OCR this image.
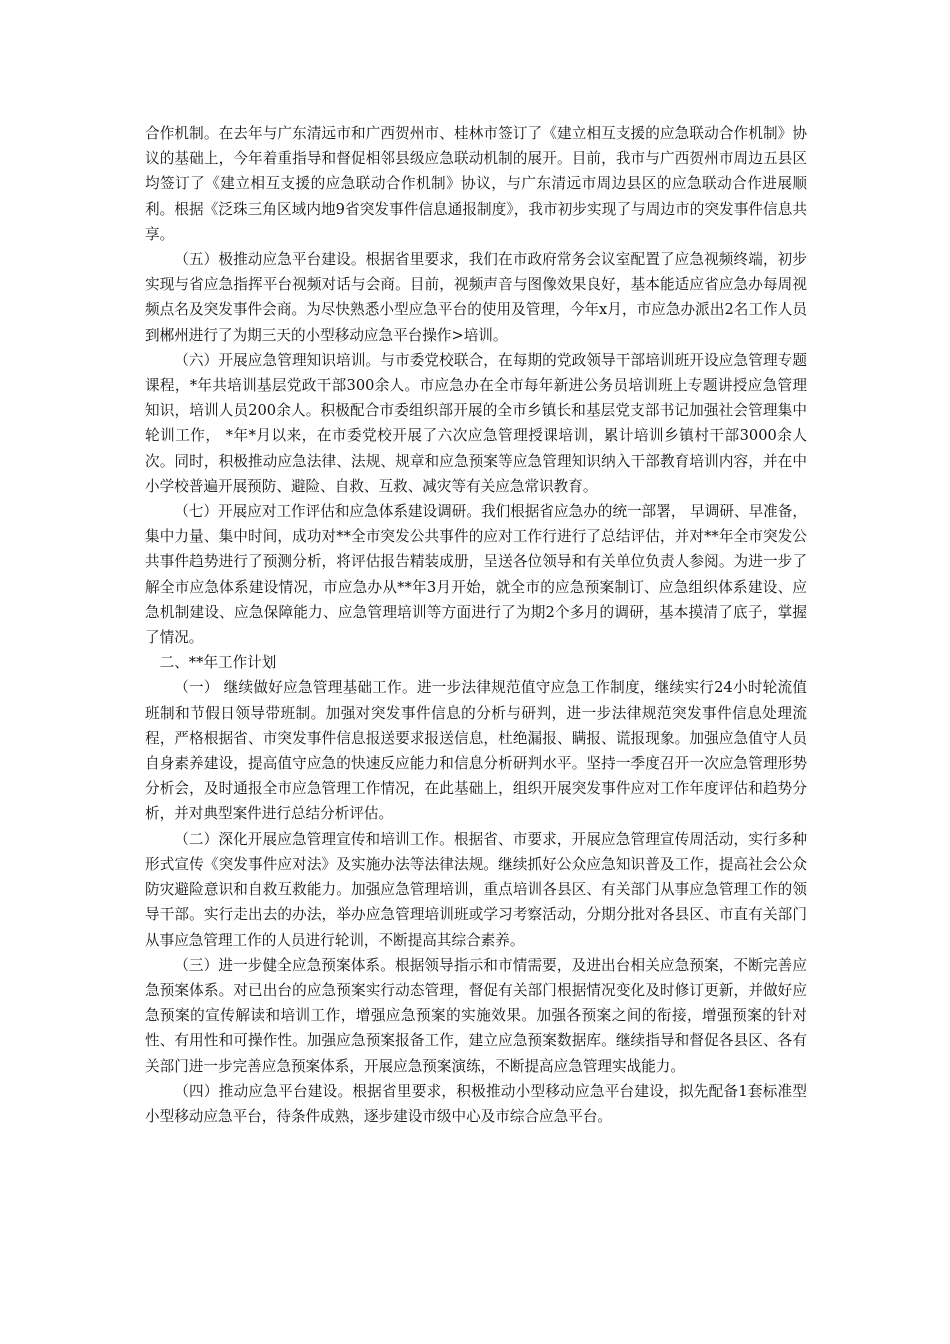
合作机制。在去年与广东清远市和广西贺州市、桂林市签订了《建立相互支援的应急联动合作机制》协议的基础上，今年着重指导和督促相邻县级应急联动机制的展开。目前，我市与广西贺州市周边五县区均签订了《建立相互支援的应急联动合作机制》协议，与广东清远市周边县区的应急联动合作进展顺利。根据《泛珠三角区域内地9省突发事件信息通报制度》，我市初步实现了与周边市的突发事件信息共享。

（五）极推动应急平台建设。根据省里要求，我们在市政府常务会议室配置了应急视频终端，初步实现与省应急指挥平台视频对话与会商。目前，视频声音与图像效果良好，基本能适应省应急办每周视频点名及突发事件会商。为尽快熟悉小型应急平台的使用及管理，今年x月，市应急办派出2名工作人员到郴州进行了为期三天的小型移动应急平台操作>培训。

（六）开展应急管理知识培训。与市委党校联合，在每期的党政领导干部培训班开设应急管理专题课程，*年共培训基层党政干部300余人。市应急办在全市每年新进公务员培训班上专题讲授应急管理知识，培训人员200余人。积极配合市委组织部开展的全市乡镇长和基层党支部书记加强社会管理集中轮训工作， *年*月以来，在市委党校开展了六次应急管理授课培训，累计培训乡镇村干部3000余人次。同时，积极推动应急法律、法规、规章和应急预案等应急管理知识纳入干部教育培训内容，并在中小学校普遍开展预防、避险、自救、互救、减灾等有关应急常识教育。

（七）开展应对工作评估和应急体系建设调研。我们根据省应急办的统一部署， 早调研、早准备，集中力量、集中时间，成功对**全市突发公共事件的应对工作行进行了总结评估，并对**年全市突发公共事件趋势进行了预测分析，将评估报告精装成册，呈送各位领导和有关单位负责人参阅。为进一步了解全市应急体系建设情况，市应急办从**年3月开始，就全市的应急预案制订、应急组织体系建设、应急机制建设、应急保障能力、应急管理培训等方面进行了为期2个多月的调研，基本摸清了底子，掌握了情况。

二、**年工作计划

（一） 继续做好应急管理基础工作。进一步法律规范值守应急工作制度，继续实行24小时轮流值班制和节假日领导带班制。加强对突发事件信息的分析与研判，进一步法律规范突发事件信息处理流程，严格根据省、市突发事件信息报送要求报送信息，杜绝漏报、瞒报、谎报现象。加强应急值守人员自身素养建设，提高值守应急的快速反应能力和信息分析研判水平。坚持一季度召开一次应急管理形势分析会，及时通报全市应急管理工作情况，在此基础上，组织开展突发事件应对工作年度评估和趋势分析，并对典型案件进行总结分析评估。

（二）深化开展应急管理宣传和培训工作。根据省、市要求，开展应急管理宣传周活动，实行多种形式宣传《突发事件应对法》及实施办法等法律法规。继续抓好公众应急知识普及工作，提高社会公众防灾避险意识和自救互救能力。加强应急管理培训，重点培训各县区、有关部门从事应急管理工作的领导干部。实行走出去的办法，举办应急管理培训班或学习考察活动，分期分批对各县区、市直有关部门从事应急管理工作的人员进行轮训，不断提高其综合素养。

（三）进一步健全应急预案体系。根据领导指示和市情需要，及进出台相关应急预案，不断完善应急预案体系。对已出台的应急预案实行动态管理，督促有关部门根据情况变化及时修订更新，并做好应急预案的宣传解读和培训工作，增强应急预案的实施效果。加强各预案之间的衔接，增强预案的针对性、有用性和可操作性。加强应急预案报备工作，建立应急预案数据库。继续指导和督促各县区、各有关部门进一步完善应急预案体系，开展应急预案演练，不断提高应急管理实战能力。

（四）推动应急平台建设。根据省里要求，积极推动小型移动应急平台建设，拟先配备1套标准型小型移动应急平台，待条件成熟，逐步建设市级中心及市综合应急平台。
